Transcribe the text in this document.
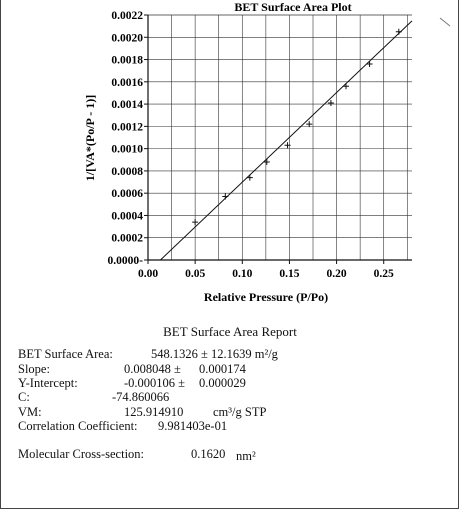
0.00 0.05 0.10 0.15 0.20 0.25
0.0000-
0.0002
0.0004
0.0006
0.0008
0.0010
0.0012
0.0014
0.0016
0.0018
0.0020
0.0022
BET Surface Area Plot
Relative Pressure (P/Po)
1/[VA*(Po/P - 1)]
BET Surface Area Report
BET Surface Area:	548.1326 ± 12.1639 m²/g
Slope:	0.008048 ± 0.000174
Y-Intercept:	-0.000106 ± 0.000029
C:	-74.860066
VM:	125.914910 cm³/g STP
Correlation Coefficient: 9.981403e-01
Molecular Cross-section:	0.1620 nm²
